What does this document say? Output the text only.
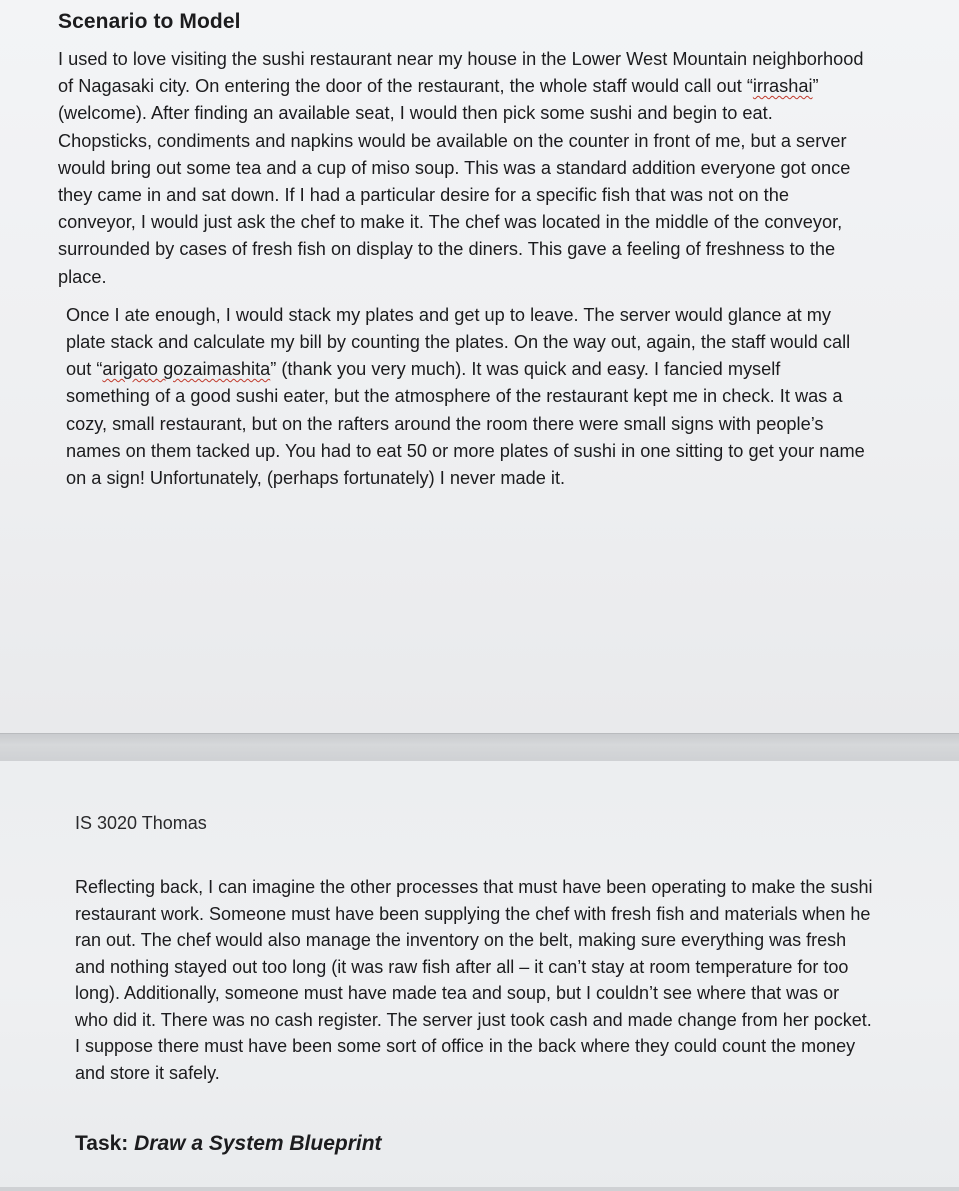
Scenario to Model

I used to love visiting the sushi restaurant near my house in the Lower West Mountain neighborhood of Nagasaki city. On entering the door of the restaurant, the whole staff would call out “irrashai” (welcome). After finding an available seat, I would then pick some sushi and begin to eat. Chopsticks, condiments and napkins would be available on the counter in front of me, but a server would bring out some tea and a cup of miso soup. This was a standard addition everyone got once they came in and sat down. If I had a particular desire for a specific fish that was not on the conveyor, I would just ask the chef to make it. The chef was located in the middle of the conveyor, surrounded by cases of fresh fish on display to the diners. This gave a feeling of freshness to the place.

Once I ate enough, I would stack my plates and get up to leave. The server would glance at my plate stack and calculate my bill by counting the plates. On the way out, again, the staff would call out “arigato gozaimashita” (thank you very much). It was quick and easy. I fancied myself something of a good sushi eater, but the atmosphere of the restaurant kept me in check. It was a cozy, small restaurant, but on the rafters around the room there were small signs with people’s names on them tacked up. You had to eat 50 or more plates of sushi in one sitting to get your name on a sign! Unfortunately, (perhaps fortunately) I never made it.

IS 3020 Thomas

Reflecting back, I can imagine the other processes that must have been operating to make the sushi restaurant work. Someone must have been supplying the chef with fresh fish and materials when he ran out. The chef would also manage the inventory on the belt, making sure everything was fresh and nothing stayed out too long (it was raw fish after all – it can’t stay at room temperature for too long). Additionally, someone must have made tea and soup, but I couldn’t see where that was or who did it. There was no cash register. The server just took cash and made change from her pocket. I suppose there must have been some sort of office in the back where they could count the money and store it safely.

Task: Draw a System Blueprint
